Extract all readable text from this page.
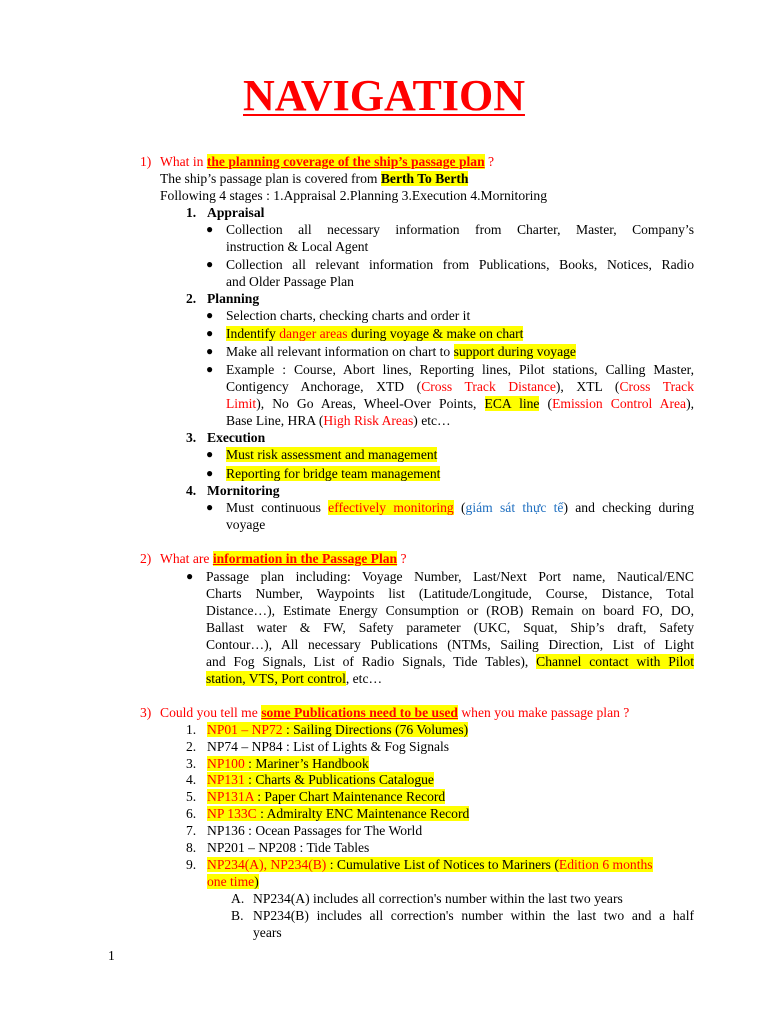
NAVIGATION
1) What in the planning coverage of the ship’s passage plan ?
The ship’s passage plan is covered from Berth To Berth
Following 4 stages : 1.Appraisal 2.Planning 3.Execution 4.Mornitoring
1. Appraisal
● Collection all necessary information from Charter, Master, Company’s
instruction & Local Agent
● Collection all relevant information from Publications, Books, Notices, Radio
and Older Passage Plan
2. Planning
● Selection charts, checking charts and order it
● Indentify danger areas during voyage & make on chart
● Make all relevant information on chart to support during voyage
● Example : Course, Abort lines, Reporting lines, Pilot stations, Calling Master,
Contigency Anchorage, XTD (Cross Track Distance), XTL (Cross Track
Limit), No Go Areas, Wheel-Over Points, ECA line (Emission Control Area),
Base Line, HRA (High Risk Areas) etc…
3. Execution
● Must risk assessment and management
● Reporting for bridge team management
4. Mornitoring
● Must continuous effectively monitoring (giám sát thực tế) and checking during
voyage
2) What are information in the Passage Plan ?
● Passage plan including: Voyage Number, Last/Next Port name, Nautical/ENC
Charts Number, Waypoints list (Latitude/Longitude, Course, Distance, Total
Distance…), Estimate Energy Consumption or (ROB) Remain on board FO, DO,
Ballast water & FW, Safety parameter (UKC, Squat, Ship’s draft, Safety
Contour…), All necessary Publications (NTMs, Sailing Direction, List of Light
and Fog Signals, List of Radio Signals, Tide Tables), Channel contact with Pilot
station, VTS, Port control, etc…
3) Could you tell me some Publications need to be used when you make passage plan ?
1. NP01 – NP72 : Sailing Directions (76 Volumes)
2. NP74 – NP84 : List of Lights & Fog Signals
3. NP100 : Mariner’s Handbook
4. NP131 : Charts & Publications Catalogue
5. NP131A : Paper Chart Maintenance Record
6. NP 133C : Admiralty ENC Maintenance Record
7. NP136 : Ocean Passages for The World
8. NP201 – NP208 : Tide Tables
9. NP234(A), NP234(B) : Cumulative List of Notices to Mariners (Edition 6 months
one time)
A. NP234(A) includes all correction's number within the last two years
B. NP234(B) includes all correction's number within the last two and a half
years
1
